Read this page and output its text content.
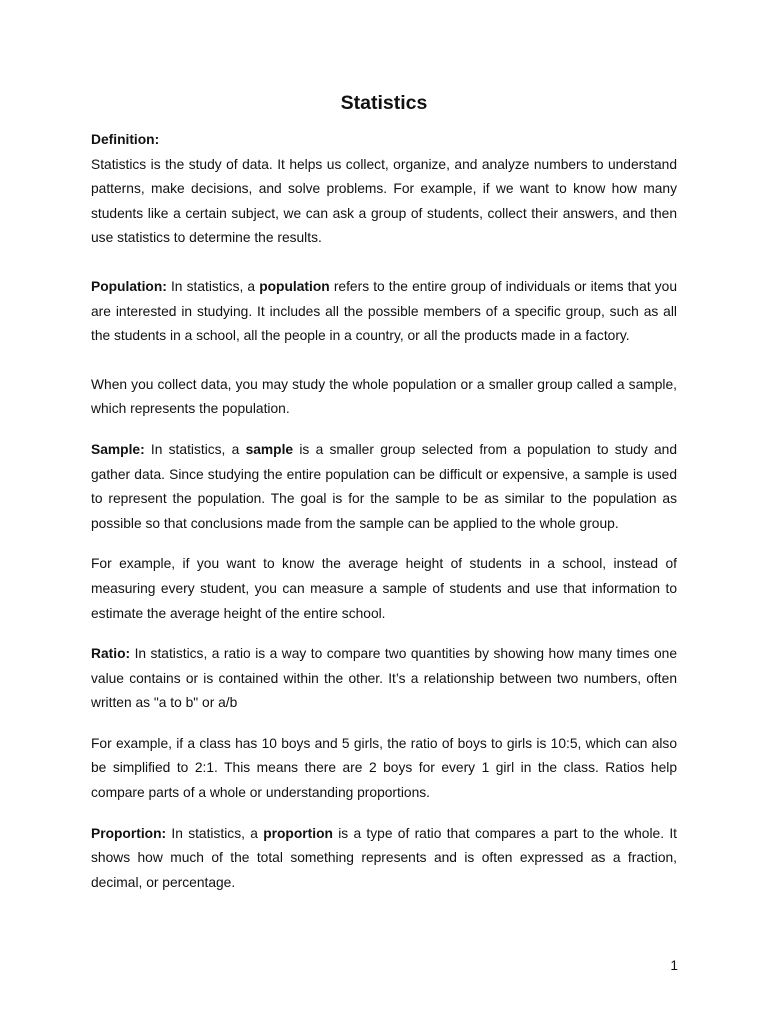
Statistics

Definition:
Statistics is the study of data. It helps us collect, organize, and analyze numbers to understand patterns, make decisions, and solve problems. For example, if we want to know how many students like a certain subject, we can ask a group of students, collect their answers, and then use statistics to determine the results.

Population: In statistics, a population refers to the entire group of individuals or items that you are interested in studying. It includes all the possible members of a specific group, such as all the students in a school, all the people in a country, or all the products made in a factory.

When you collect data, you may study the whole population or a smaller group called a sample, which represents the population.

Sample: In statistics, a sample is a smaller group selected from a population to study and gather data. Since studying the entire population can be difficult or expensive, a sample is used to represent the population. The goal is for the sample to be as similar to the population as possible so that conclusions made from the sample can be applied to the whole group.

For example, if you want to know the average height of students in a school, instead of measuring every student, you can measure a sample of students and use that information to estimate the average height of the entire school.

Ratio: In statistics, a ratio is a way to compare two quantities by showing how many times one value contains or is contained within the other. It’s a relationship between two numbers, often written as "a to b" or a/b

For example, if a class has 10 boys and 5 girls, the ratio of boys to girls is 10:5, which can also be simplified to 2:1. This means there are 2 boys for every 1 girl in the class. Ratios help compare parts of a whole or understanding proportions.

Proportion: In statistics, a proportion is a type of ratio that compares a part to the whole. It shows how much of the total something represents and is often expressed as a fraction, decimal, or percentage.

1
